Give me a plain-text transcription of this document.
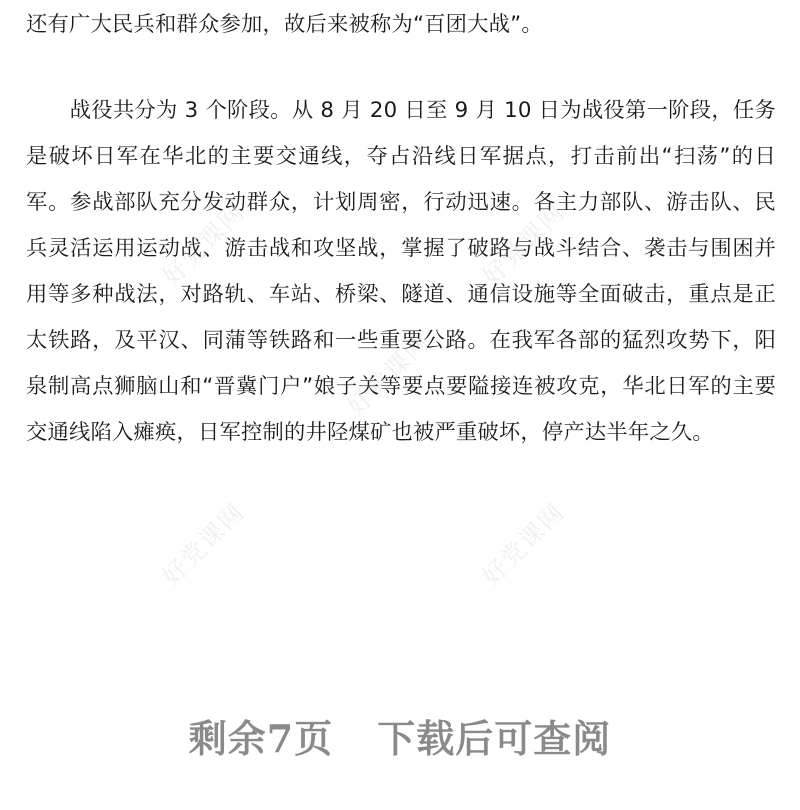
还有广大民兵和群众参加，故后来被称为“百团大战”。

战役共分为 3 个阶段。从 8 月 20 日至 9 月 10 日为战役第一阶段，任务是破坏日军在华北的主要交通线，夺占沿线日军据点，打击前出“扫荡”的日军。参战部队充分发动群众，计划周密，行动迅速。各主力部队、游击队、民兵灵活运用运动战、游击战和攻坚战，掌握了破路与战斗结合、袭击与围困并用等多种战法，对路轨、车站、桥梁、隧道、通信设施等全面破击，重点是正太铁路，及平汉、同蒲等铁路和一些重要公路。在我军各部的猛烈攻势下，阳泉制高点狮脑山和“晋冀门户”娘子关等要点要隘接连被攻克，华北日军的主要交通线陷入瘫痪，日军控制的井陉煤矿也被严重破坏，停产达半年之久。

好党课网	好党课网
好党课网
好党课网	好党课网
剩余7页 下载后可查阅
